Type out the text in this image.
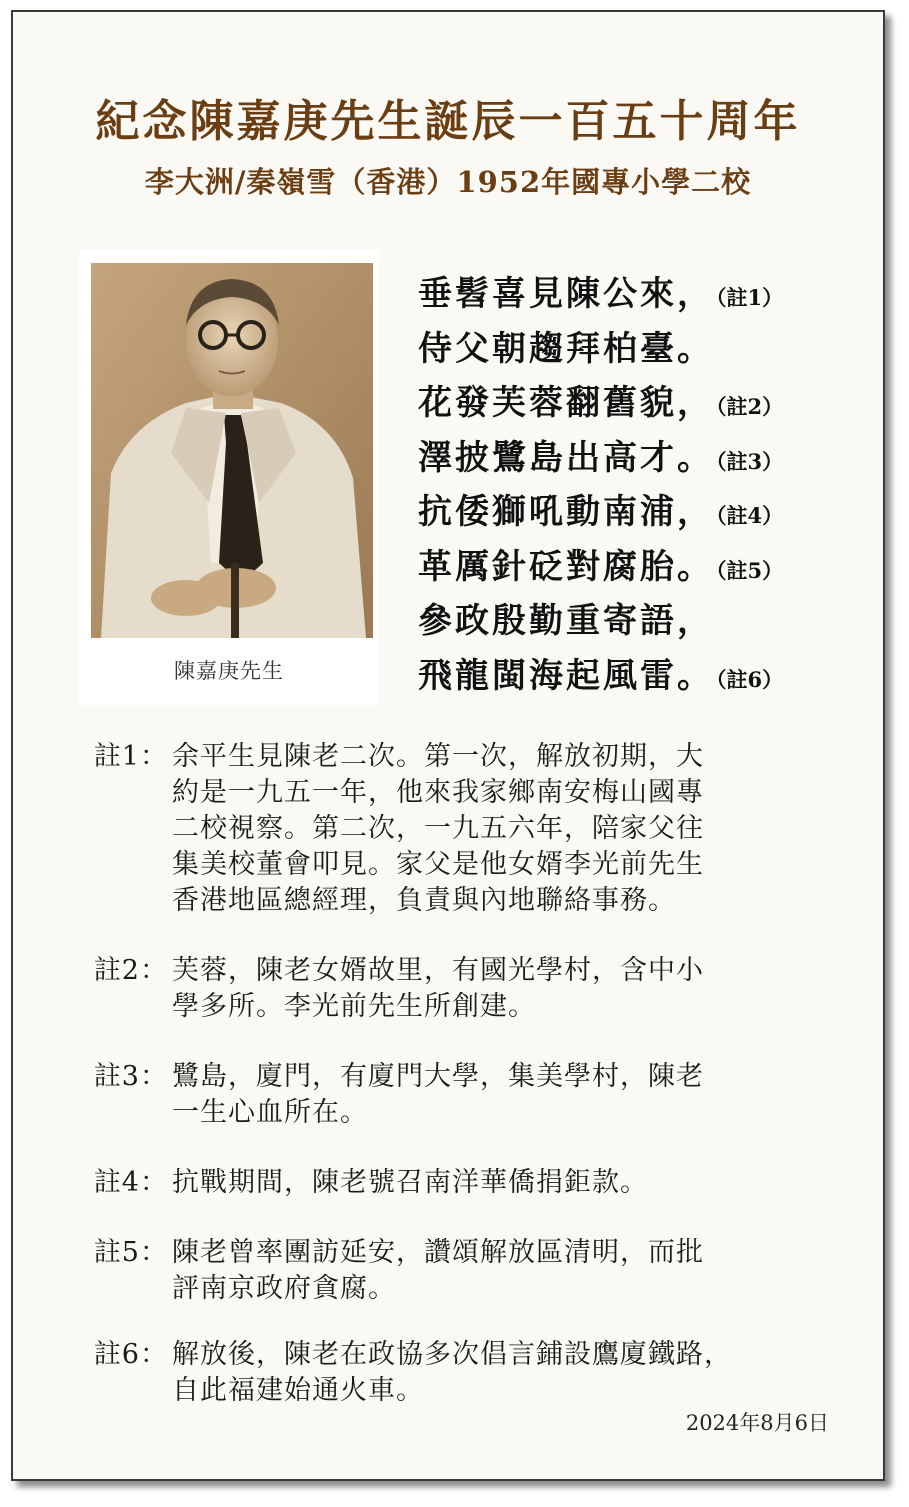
紀念陳嘉庚先生誕辰一百五十周年
李大洲/秦嶺雪（香港）1952年國專小學二校
陳嘉庚先生
垂髫喜見陳公來，（註1）
侍父朝趨拜柏臺。
花發芙蓉翻舊貌，（註2）
澤披鷺島出高才。（註3）
抗倭獅吼動南浦，（註4）
革厲針砭對腐胎。（註5）
參政殷勤重寄語，
飛龍閩海起風雷。（註6）
註1： 余平生見陳老二次。第一次，解放初期，大
約是一九五一年，他來我家鄉南安梅山國專
二校視察。第二次，一九五六年，陪家父往
集美校董會叩見。家父是他女婿李光前先生
香港地區總經理，負責與內地聯絡事務。
註2： 芙蓉，陳老女婿故里，有國光學村，含中小
學多所。李光前先生所創建。
註3： 鷺島，廈門，有廈門大學，集美學村，陳老
一生心血所在。
註4： 抗戰期間，陳老號召南洋華僑捐鉅款。
註5： 陳老曾率團訪延安，讚頌解放區清明，而批
評南京政府貪腐。
註6： 解放後，陳老在政協多次倡言鋪設鷹廈鐵路，
自此福建始通火車。
2024年8月6日
